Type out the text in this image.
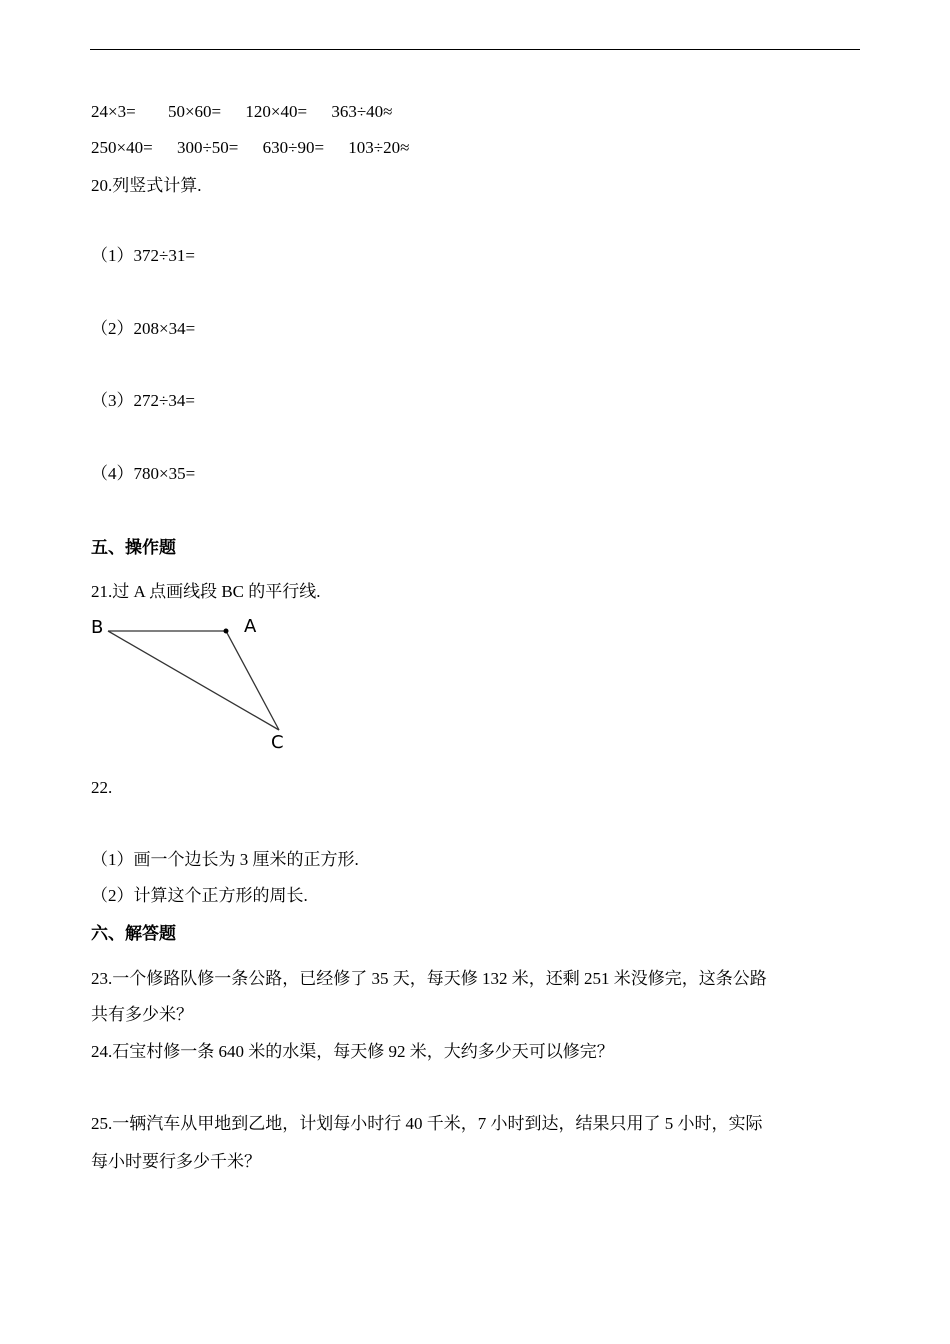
24×3= 50×60= 120×40= 363÷40≈
250×40= 300÷50= 630÷90= 103÷20≈
20.列竖式计算.
（1）372÷31=
（2）208×34=
（3）272÷34=
（4）780×35=
五、操作题
21.过 A 点画线段 BC 的平行线.
B	A
C
22.
（1）画一个边长为 3 厘米的正方形.
（2）计算这个正方形的周长.
六、解答题
23.一个修路队修一条公路，已经修了 35 天，每天修 132 米，还剩 251 米没修完，这条公路
共有多少米？
24.石宝村修一条 640 米的水渠，每天修 92 米，大约多少天可以修完？
25.一辆汽车从甲地到乙地，计划每小时行 40 千米，7 小时到达，结果只用了 5 小时，实际
每小时要行多少千米？
